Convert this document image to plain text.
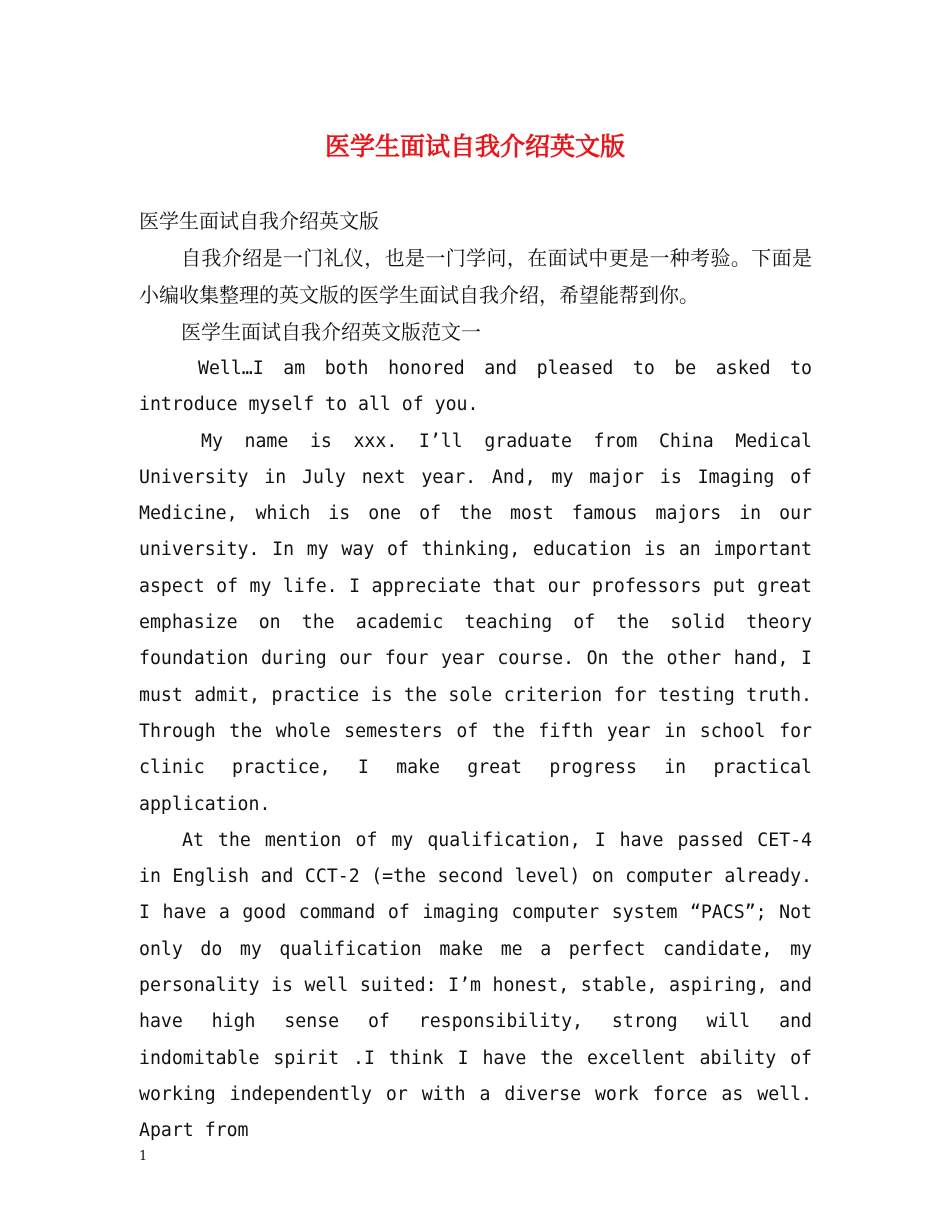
医学生面试自我介绍英文版

医学生面试自我介绍英文版

自我介绍是一门礼仪，也是一门学问，在面试中更是一种考验。下面是小编收集整理的英文版的医学生面试自我介绍，希望能帮到你。

医学生面试自我介绍英文版范文一

Well…I am both honored and pleased to be asked to introduce myself to all of you.

My name is xxx. I’ll graduate from China Medical University in July next year. And, my major is Imaging of Medicine, which is one of the most famous majors in our university. In my way of thinking, education is an important aspect of my life. I appreciate that our professors put great emphasize on the academic teaching of the solid theory foundation during our four year course. On the other hand, I must admit, practice is the sole criterion for testing truth. Through the whole semesters of the fifth year in school for clinic practice, I make great progress in practical application.

At the mention of my qualification, I have passed CET-4 in English and CCT-2 (=the second level) on computer already. I have a good command of imaging computer system “PACS”; Not only do my qualification make me a perfect candidate, my personality is well suited: I’m honest, stable, aspiring, and have high sense of responsibility, strong will and indomitable spirit .I think I have the excellent ability of working independently or with a diverse work force as well. Apart from

1
